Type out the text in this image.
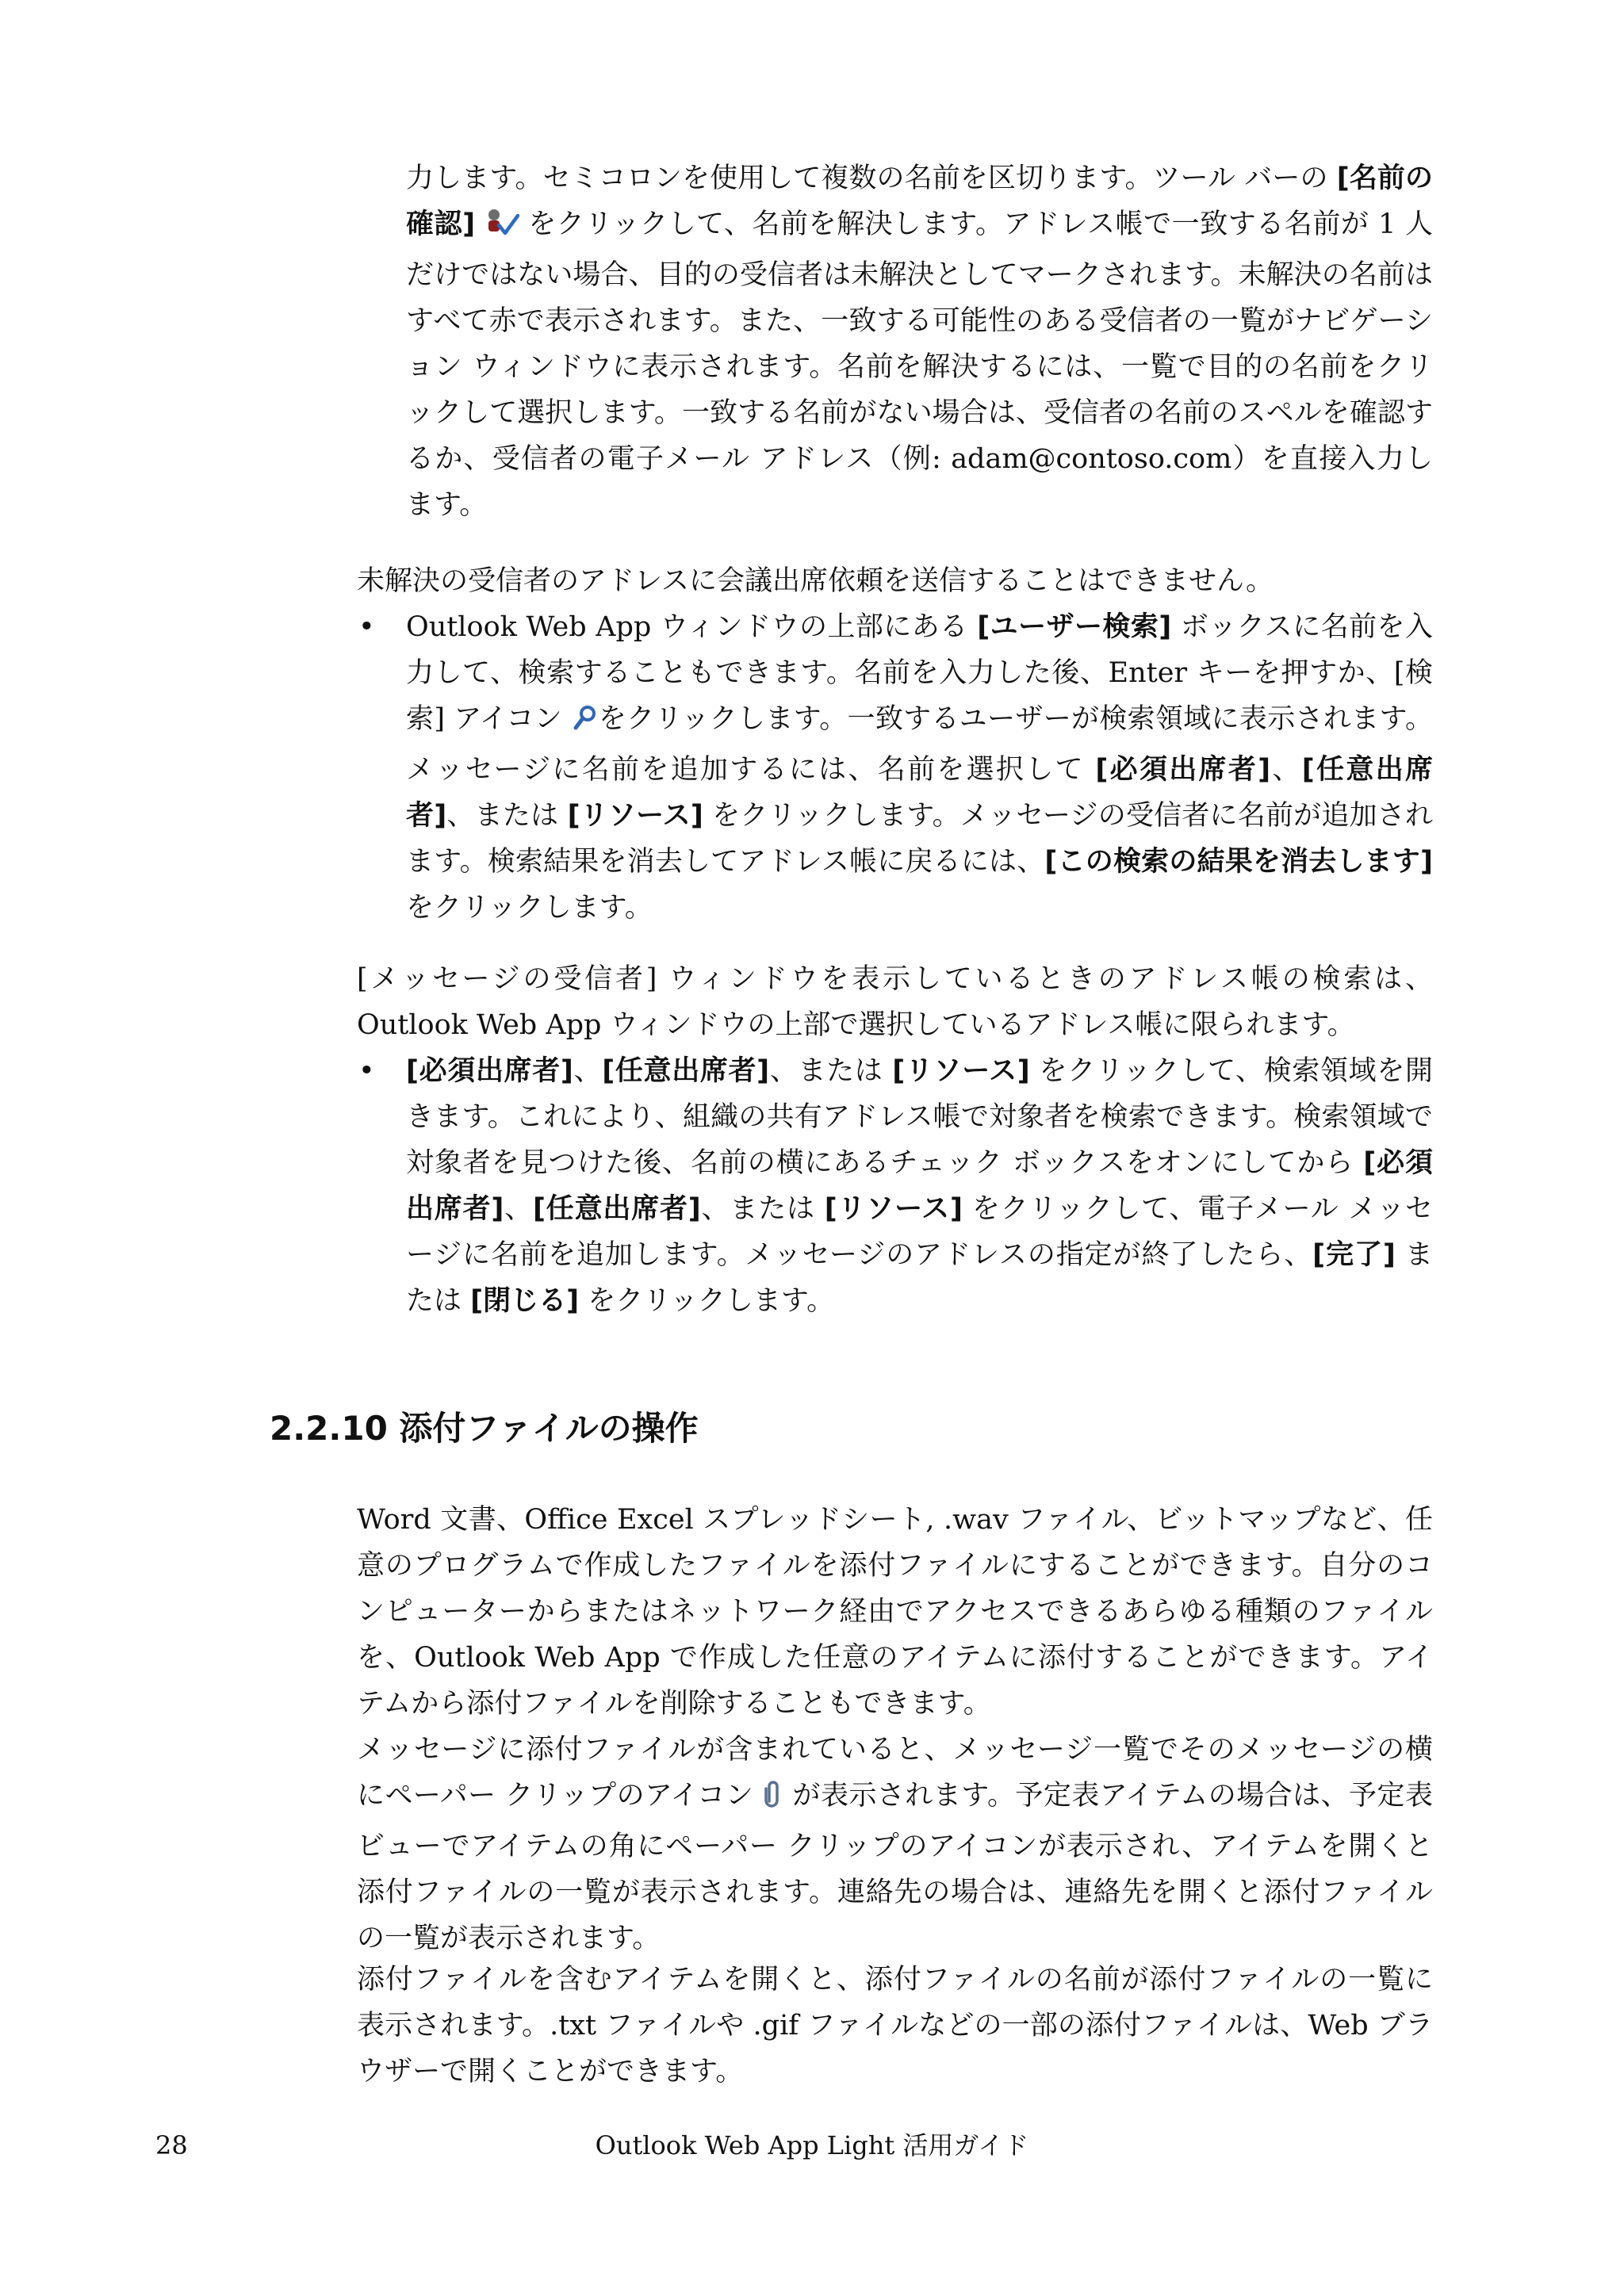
力します。セミコロンを使用して複数の名前を区切ります。ツール バーの [名前の確認]  をクリックして、名前を解決します。アドレス帳で一致する名前が 1 人だけではない場合、目的の受信者は未解決としてマークされます。未解決の名前はすべて赤で表示されます。また、一致する可能性のある受信者の一覧がナビゲーション ウィンドウに表示されます。名前を解決するには、一覧で目的の名前をクリックして選択します。一致する名前がない場合は、受信者の名前のスペルを確認するか、受信者の電子メール アドレス（例: adam@contoso.com）を直接入力します。
未解決の受信者のアドレスに会議出席依頼を送信することはできません。
• Outlook Web App ウィンドウの上部にある [ユーザー検索] ボックスに名前を入力して、検索することもできます。名前を入力した後、Enter キーを押すか、[検索] アイコン をクリックします。一致するユーザーが検索領域に表示されます。メッセージに名前を追加するには、名前を選択して [必須出席者]、[任意出席者]、または [リソース] をクリックします。メッセージの受信者に名前が追加されます。検索結果を消去してアドレス帳に戻るには、[この検索の結果を消去します] をクリックします。
[メッセージの受信者] ウィンドウを表示しているときのアドレス帳の検索は、Outlook Web App ウィンドウの上部で選択しているアドレス帳に限られます。
• [必須出席者]、[任意出席者]、または [リソース] をクリックして、検索領域を開きます。これにより、組織の共有アドレス帳で対象者を検索できます。検索領域で対象者を見つけた後、名前の横にあるチェック ボックスをオンにしてから [必須出席者]、[任意出席者]、または [リソース] をクリックして、電子メール メッセージに名前を追加します。メッセージのアドレスの指定が終了したら、[完了] または [閉じる] をクリックします。
2.2.10 添付ファイルの操作
Word 文書、Office Excel スプレッドシート, .wav ファイル、ビットマップなど、任意のプログラムで作成したファイルを添付ファイルにすることができます。自分のコンピューターからまたはネットワーク経由でアクセスできるあらゆる種類のファイルを、Outlook Web App で作成した任意のアイテムに添付することができます。アイテムから添付ファイルを削除することもできます。
メッセージに添付ファイルが含まれていると、メッセージ一覧でそのメッセージの横にペーパー クリップのアイコン  が表示されます。予定表アイテムの場合は、予定表ビューでアイテムの角にペーパー クリップのアイコンが表示され、アイテムを開くと添付ファイルの一覧が表示されます。連絡先の場合は、連絡先を開くと添付ファイルの一覧が表示されます。
添付ファイルを含むアイテムを開くと、添付ファイルの名前が添付ファイルの一覧に表示されます。.txt ファイルや .gif ファイルなどの一部の添付ファイルは、Web ブラウザーで開くことができます。
28	Outlook Web App Light 活用ガイド
